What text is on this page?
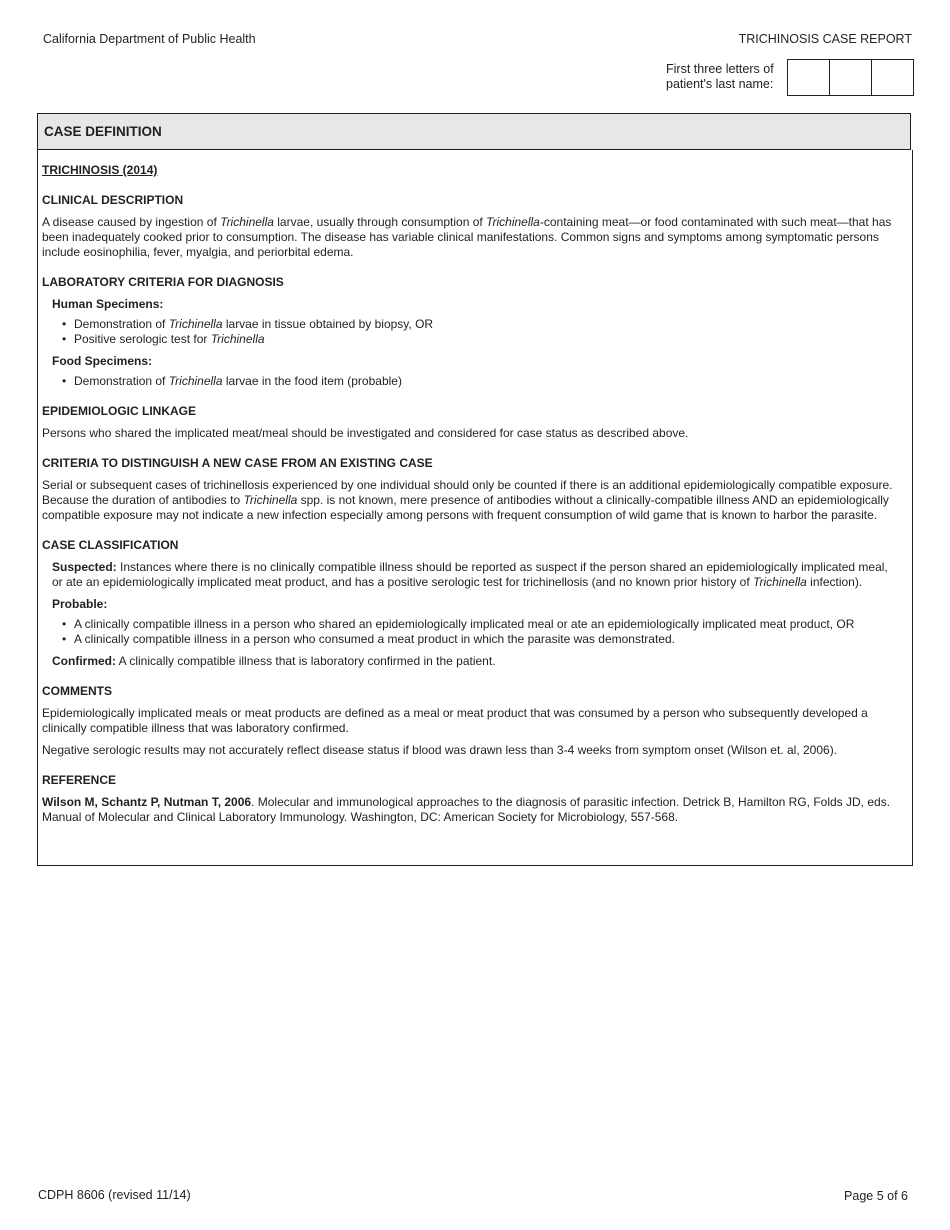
California Department of Public Health	TRICHINOSIS CASE REPORT
First three letters of
patient's last name:
CASE DEFINITION
TRICHINOSIS (2014)
CLINICAL DESCRIPTION
A disease caused by ingestion of Trichinella larvae, usually through consumption of Trichinella-containing meat—or food contaminated with such meat—that has been inadequately cooked prior to consumption. The disease has variable clinical manifestations. Common signs and symptoms among symptomatic persons include eosinophilia, fever, myalgia, and periorbital edema.
LABORATORY CRITERIA FOR DIAGNOSIS
Human Specimens:
• Demonstration of Trichinella larvae in tissue obtained by biopsy, OR
• Positive serologic test for Trichinella
Food Specimens:
• Demonstration of Trichinella larvae in the food item (probable)
EPIDEMIOLOGIC LINKAGE
Persons who shared the implicated meat/meal should be investigated and considered for case status as described above.
CRITERIA TO DISTINGUISH A NEW CASE FROM AN EXISTING CASE
Serial or subsequent cases of trichinellosis experienced by one individual should only be counted if there is an additional epidemiologically compatible exposure. Because the duration of antibodies to Trichinella spp. is not known, mere presence of antibodies without a clinically-compatible illness AND an epidemiologically compatible exposure may not indicate a new infection especially among persons with frequent consumption of wild game that is known to harbor the parasite.
CASE CLASSIFICATION
Suspected: Instances where there is no clinically compatible illness should be reported as suspect if the person shared an epidemiologically implicated meal, or ate an epidemiologically implicated meat product, and has a positive serologic test for trichinellosis (and no known prior history of Trichinella infection).
Probable:
• A clinically compatible illness in a person who shared an epidemiologically implicated meal or ate an epidemiologically implicated meat product, OR
• A clinically compatible illness in a person who consumed a meat product in which the parasite was demonstrated.
Confirmed: A clinically compatible illness that is laboratory confirmed in the patient.
COMMENTS
Epidemiologically implicated meals or meat products are defined as a meal or meat product that was consumed by a person who subsequently developed a clinically compatible illness that was laboratory confirmed.
Negative serologic results may not accurately reflect disease status if blood was drawn less than 3-4 weeks from symptom onset (Wilson et. al, 2006).
REFERENCE
Wilson M, Schantz P, Nutman T, 2006. Molecular and immunological approaches to the diagnosis of parasitic infection. Detrick B, Hamilton RG, Folds JD, eds. Manual of Molecular and Clinical Laboratory Immunology. Washington, DC: American Society for Microbiology, 557-568.
CDPH 8606 (revised 11/14)	Page 5 of 6
